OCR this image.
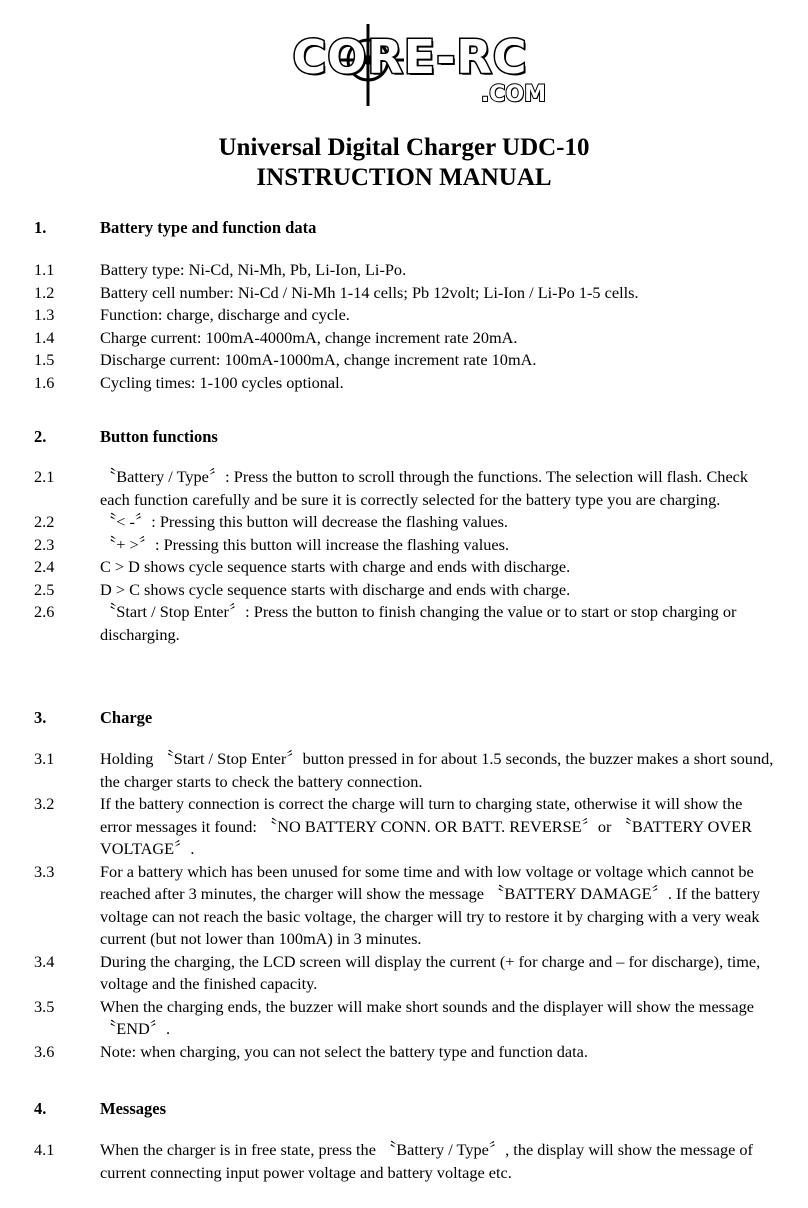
CORE-RC
.COM
Universal Digital Charger UDC-10
INSTRUCTION MANUAL
1.	Battery type and function data
1.1	Battery type: Ni-Cd, Ni-Mh, Pb, Li-Ion, Li-Po.
1.2	Battery cell number: Ni-Cd / Ni-Mh 1-14 cells; Pb 12volt; Li-Ion / Li-Po 1-5 cells.
1.3	Function: charge, discharge and cycle.
1.4	Charge current: 100mA-4000mA, change increment rate 20mA.
1.5	Discharge current: 100mA-1000mA, change increment rate 10mA.
1.6	Cycling times: 1-100 cycles optional.
2.	Button functions
2.1	〝Battery / Type〞: Press the button to scroll through the functions. The selection will flash. Check each function carefully and be sure it is correctly selected for the battery type you are charging.
2.2	〝< -〞: Pressing this button will decrease the flashing values.
2.3	〝+ >〞: Pressing this button will increase the flashing values.
2.4	C > D shows cycle sequence starts with charge and ends with discharge.
2.5	D > C shows cycle sequence starts with discharge and ends with charge.
2.6	〝Start / Stop Enter〞: Press the button to finish changing the value or to start or stop charging or discharging.
3.	Charge
3.1	Holding 〝Start / Stop Enter〞button pressed in for about 1.5 seconds, the buzzer makes a short sound, the charger starts to check the battery connection.
3.2	If the battery connection is correct the charge will turn to charging state, otherwise it will show the error messages it found: 〝NO BATTERY CONN. OR BATT. REVERSE〞or 〝BATTERY OVER VOLTAGE〞.
3.3	For a battery which has been unused for some time and with low voltage or voltage which cannot be reached after 3 minutes, the charger will show the message 〝BATTERY DAMAGE〞. If the battery voltage can not reach the basic voltage, the charger will try to restore it by charging with a very weak current (but not lower than 100mA) in 3 minutes.
3.4	During the charging, the LCD screen will display the current (+ for charge and – for discharge), time, voltage and the finished capacity.
3.5	When the charging ends, the buzzer will make short sounds and the displayer will show the message 〝END〞.
3.6	Note: when charging, you can not select the battery type and function data.
4.	Messages
4.1	When the charger is in free state, press the 〝Battery / Type〞, the display will show the message of current connecting input power voltage and battery voltage etc.
